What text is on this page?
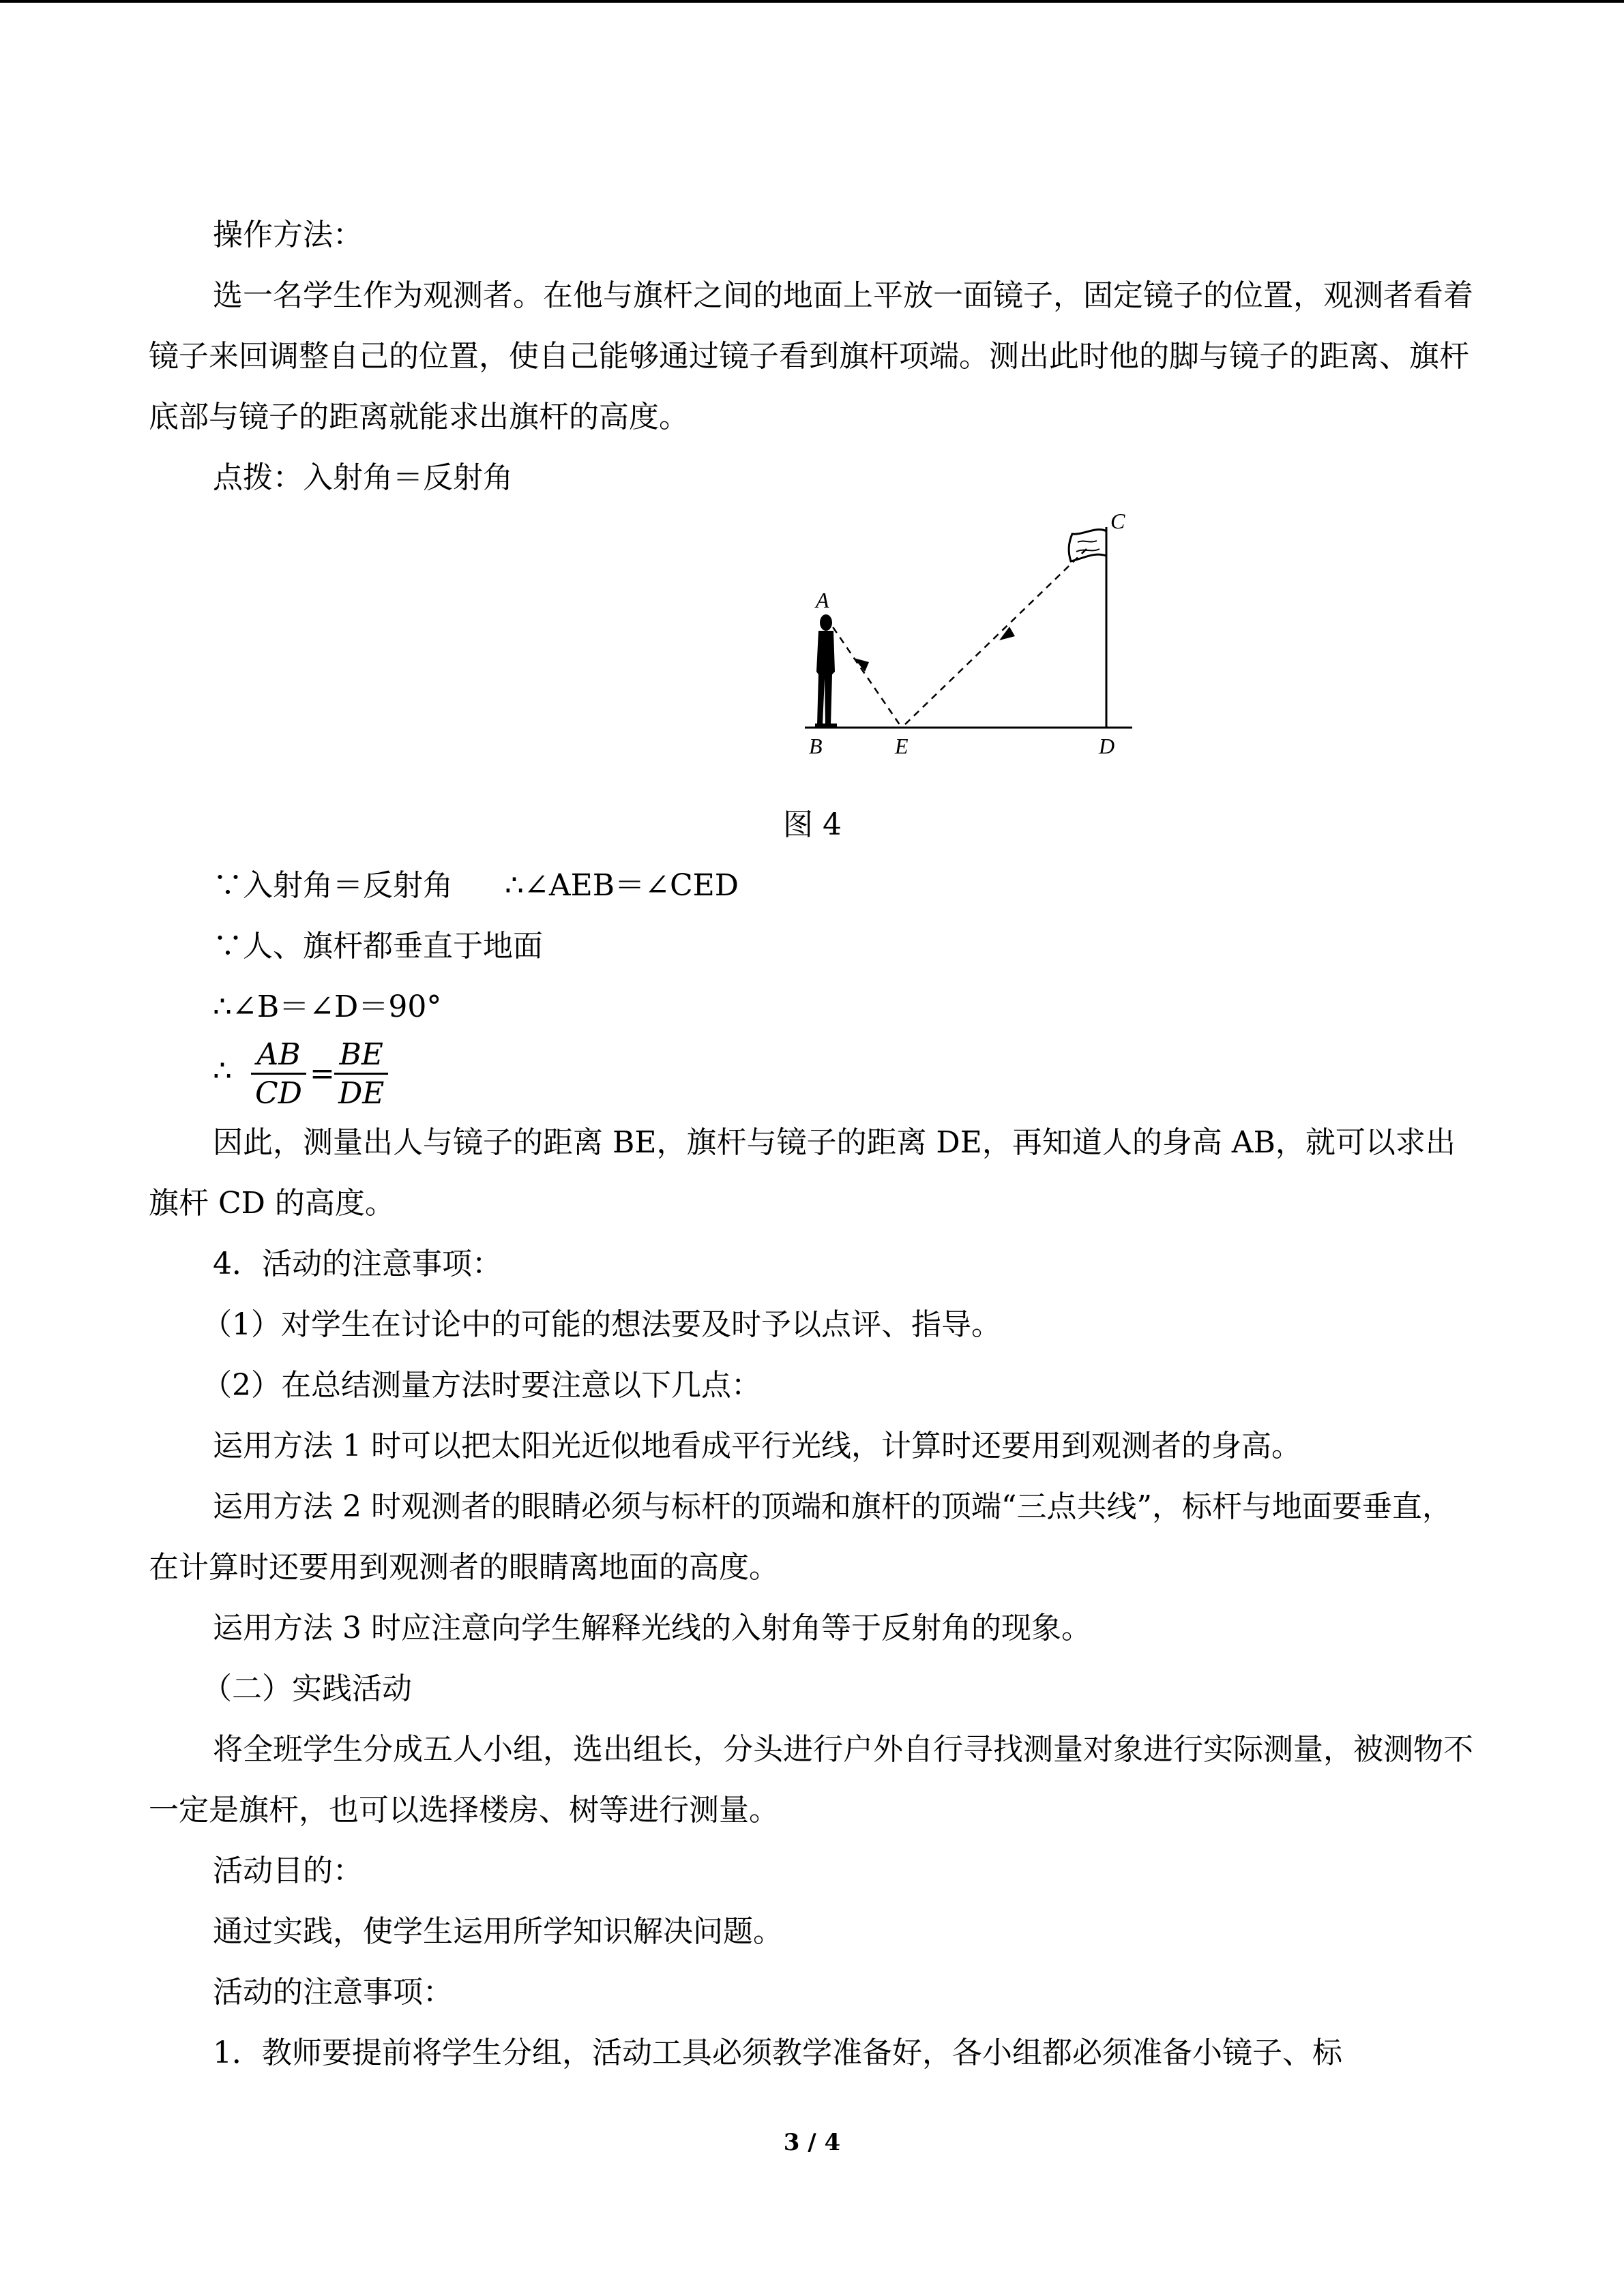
操作方法：

选一名学生作为观测者。在他与旗杆之间的地面上平放一面镜子，固定镜子的位置，观测者看着镜子来回调整自己的位置，使自己能够通过镜子看到旗杆项端。测出此时他的脚与镜子的距离、旗杆底部与镜子的距离就能求出旗杆的高度。

点拨：入射角＝反射角

A
B
C
D
E

图 4

∵入射角＝反射角 ∴∠AEB＝∠CED

∵人、旗杆都垂直于地面

∴∠B＝∠D＝90°

∴ $\frac{AB}{CD} = \frac{BE}{DE}$

因此，测量出人与镜子的距离 BE，旗杆与镜子的距离 DE，再知道人的身高 AB，就可以求出旗杆 CD 的高度。

4．活动的注意事项：

（1）对学生在讨论中的可能的想法要及时予以点评、指导。

（2）在总结测量方法时要注意以下几点：

运用方法 1 时可以把太阳光近似地看成平行光线，计算时还要用到观测者的身高。

运用方法 2 时观测者的眼睛必须与标杆的顶端和旗杆的顶端“三点共线”，标杆与地面要垂直，在计算时还要用到观测者的眼睛离地面的高度。

运用方法 3 时应注意向学生解释光线的入射角等于反射角的现象。

（二）实践活动

将全班学生分成五人小组，选出组长，分头进行户外自行寻找测量对象进行实际测量，被测物不一定是旗杆，也可以选择楼房、树等进行测量。

活动目的：

通过实践，使学生运用所学知识解决问题。

活动的注意事项：

1．教师要提前将学生分组，活动工具必须教学准备好，各小组都必须准备小镜子、标

3 / 4
